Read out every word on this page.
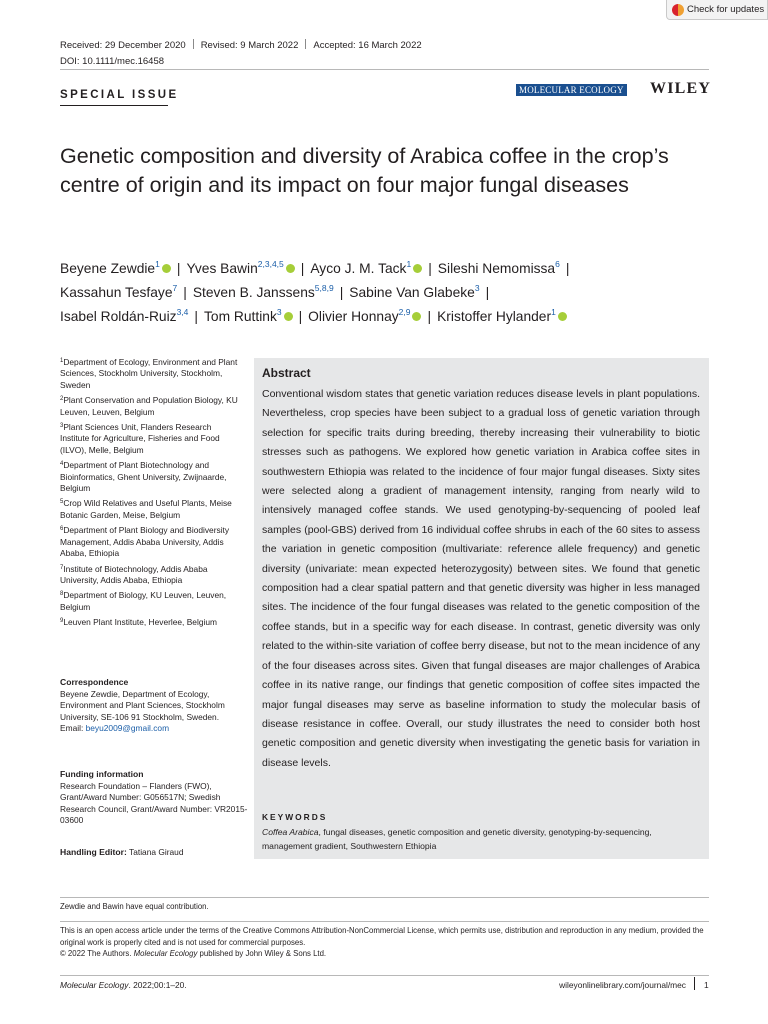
Check for updates
Received: 29 December 2020 Revised: 9 March 2022 Accepted: 16 March 2022
DOI: 10.1111/mec.16458
SPECIAL ISSUE	MOLECULAR ECOLOGY WILEY
Genetic composition and diversity of Arabica coffee in the crop’s centre of origin and its impact on four major fungal diseases
Beyene Zewdie$^1$ | Yves Bawin$^{2,3,4,5}$ | Ayco J. M. Tack$^1$ | Sileshi Nemomissa$^6$ |
Kassahun Tesfaye$^7$ | Steven B. Janssens$^{5,8,9}$ | Sabine Van Glabeke$^3$ |
Isabel Roldán-Ruiz$^{3,4}$ | Tom Ruttink$^3$ | Olivier Honnay$^{2,9}$ | Kristoffer Hylander$^1$
$^1$Department of Ecology, Environment and Plant Sciences, Stockholm University, Stockholm, Sweden
$^2$Plant Conservation and Population Biology, KU Leuven, Leuven, Belgium
$^3$Plant Sciences Unit, Flanders Research Institute for Agriculture, Fisheries and Food (ILVO), Melle, Belgium
$^4$Department of Plant Biotechnology and Bioinformatics, Ghent University, Zwijnaarde, Belgium
$^5$Crop Wild Relatives and Useful Plants, Meise Botanic Garden, Meise, Belgium
$^6$Department of Plant Biology and Biodiversity Management, Addis Ababa University, Addis Ababa, Ethiopia
$^7$Institute of Biotechnology, Addis Ababa University, Addis Ababa, Ethiopia
$^8$Department of Biology, KU Leuven, Leuven, Belgium
$^9$Leuven Plant Institute, Heverlee, Belgium
Correspondence
Beyene Zewdie, Department of Ecology, Environment and Plant Sciences, Stockholm University, SE-106 91 Stockholm, Sweden.
Email: beyu2009@gmail.com
Funding information
Research Foundation – Flanders (FWO), Grant/Award Number: G056517N; Swedish Research Council, Grant/Award Number: VR2015-03600
Handling Editor: Tatiana Giraud
Abstract
Conventional wisdom states that genetic variation reduces disease levels in plant populations. Nevertheless, crop species have been subject to a gradual loss of genetic variation through selection for specific traits during breeding, thereby increasing their vulnerability to biotic stresses such as pathogens. We explored how genetic variation in Arabica coffee sites in southwestern Ethiopia was related to the incidence of four major fungal diseases. Sixty sites were selected along a gradient of management intensity, ranging from nearly wild to intensively managed coffee stands. We used genotyping-by-sequencing of pooled leaf samples (pool-GBS) derived from 16 individual coffee shrubs in each of the 60 sites to assess the variation in genetic composition (multivariate: reference allele frequency) and genetic diversity (univariate: mean expected heterozygosity) between sites. We found that genetic composition had a clear spatial pattern and that genetic diversity was higher in less managed sites. The incidence of the four fungal diseases was related to the genetic composition of the coffee stands, but in a specific way for each disease. In contrast, genetic diversity was only related to the within-site variation of coffee berry disease, but not to the mean incidence of any of the four diseases across sites. Given that fungal diseases are major challenges of Arabica coffee in its native range, our findings that genetic composition of coffee sites impacted the major fungal diseases may serve as baseline information to study the molecular basis of disease resistance in coffee. Overall, our study illustrates the need to consider both host genetic composition and genetic diversity when investigating the genetic basis for variation in disease levels.
KEYWORDS
Coffea Arabica, fungal diseases, genetic composition and genetic diversity, genotyping-by-sequencing, management gradient, Southwestern Ethiopia
Zewdie and Bawin have equal contribution.
This is an open access article under the terms of the Creative Commons Attribution-NonCommercial License, which permits use, distribution and reproduction in any medium, provided the original work is properly cited and is not used for commercial purposes.
© 2022 The Authors. Molecular Ecology published by John Wiley & Sons Ltd.
Molecular Ecology. 2022;00:1–20.	wileyonlinelibrary.com/journal/mec 1
